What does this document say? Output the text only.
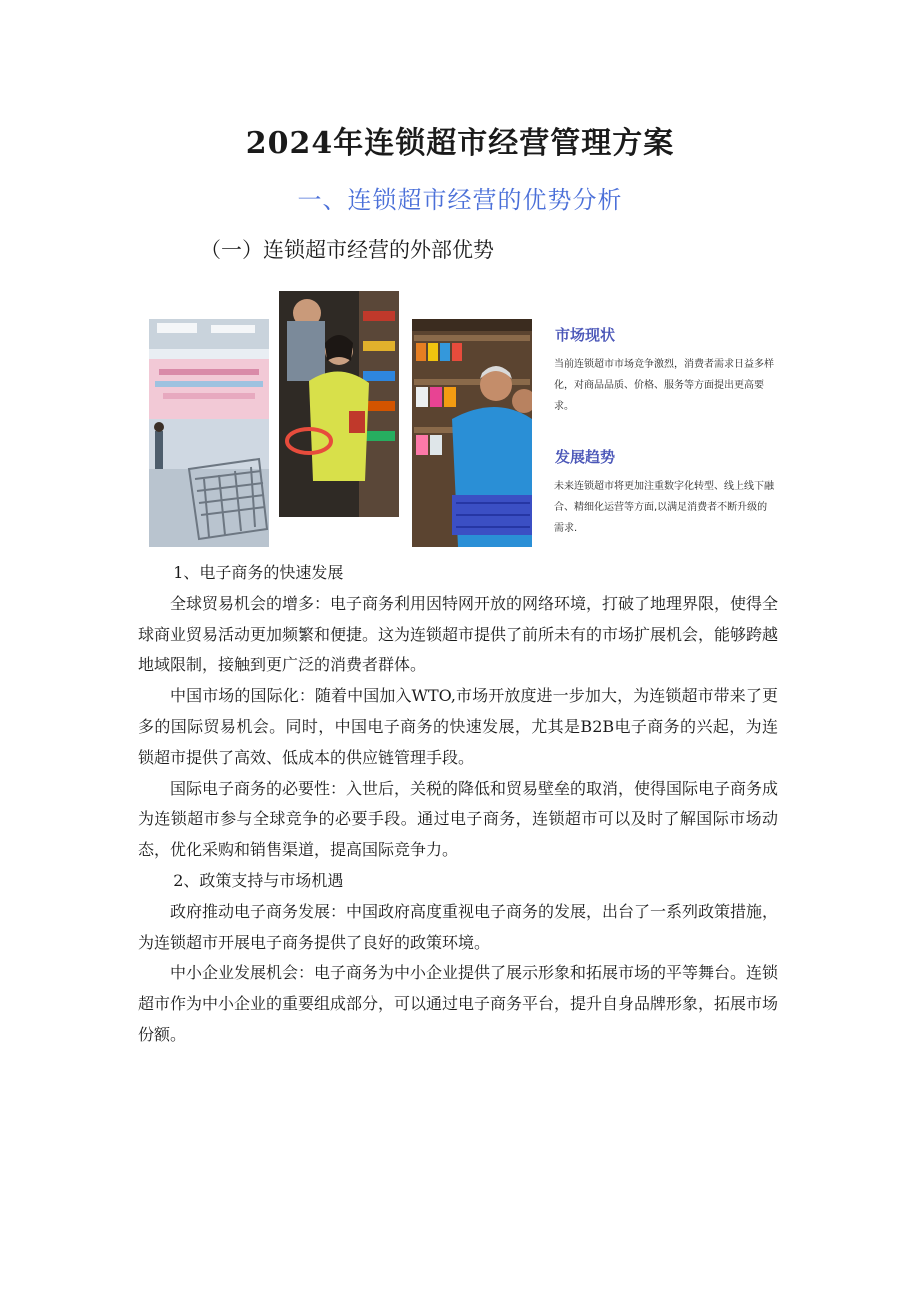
2024年连锁超市经营管理方案
一、连锁超市经营的优势分析
（一）连锁超市经营的外部优势
市场现状

当前连锁超市市场竞争激烈，消费者需求日益多样化，对商品品质、价格、服务等方面提出更高要求。

发展趋势

未来连锁超市将更加注重数字化转型、线上线下融合、精细化运营等方面,以满足消费者不断升级的需求.

1、电子商务的快速发展

全球贸易机会的增多：电子商务利用因特网开放的网络环境，打破了地理界限，使得全球商业贸易活动更加频繁和便捷。这为连锁超市提供了前所未有的市场扩展机会，能够跨越地域限制，接触到更广泛的消费者群体。

中国市场的国际化：随着中国加入WTO,市场开放度进一步加大，为连锁超市带来了更多的国际贸易机会。同时，中国电子商务的快速发展，尤其是B2B电子商务的兴起，为连锁超市提供了高效、低成本的供应链管理手段。

国际电子商务的必要性：入世后，关税的降低和贸易壁垒的取消，使得国际电子商务成为连锁超市参与全球竞争的必要手段。通过电子商务，连锁超市可以及时了解国际市场动态，优化采购和销售渠道，提高国际竞争力。

2、政策支持与市场机遇

政府推动电子商务发展：中国政府高度重视电子商务的发展，出台了一系列政策措施，为连锁超市开展电子商务提供了良好的政策环境。

中小企业发展机会：电子商务为中小企业提供了展示形象和拓展市场的平等舞台。连锁超市作为中小企业的重要组成部分，可以通过电子商务平台，提升自身品牌形象，拓展市场份额。
